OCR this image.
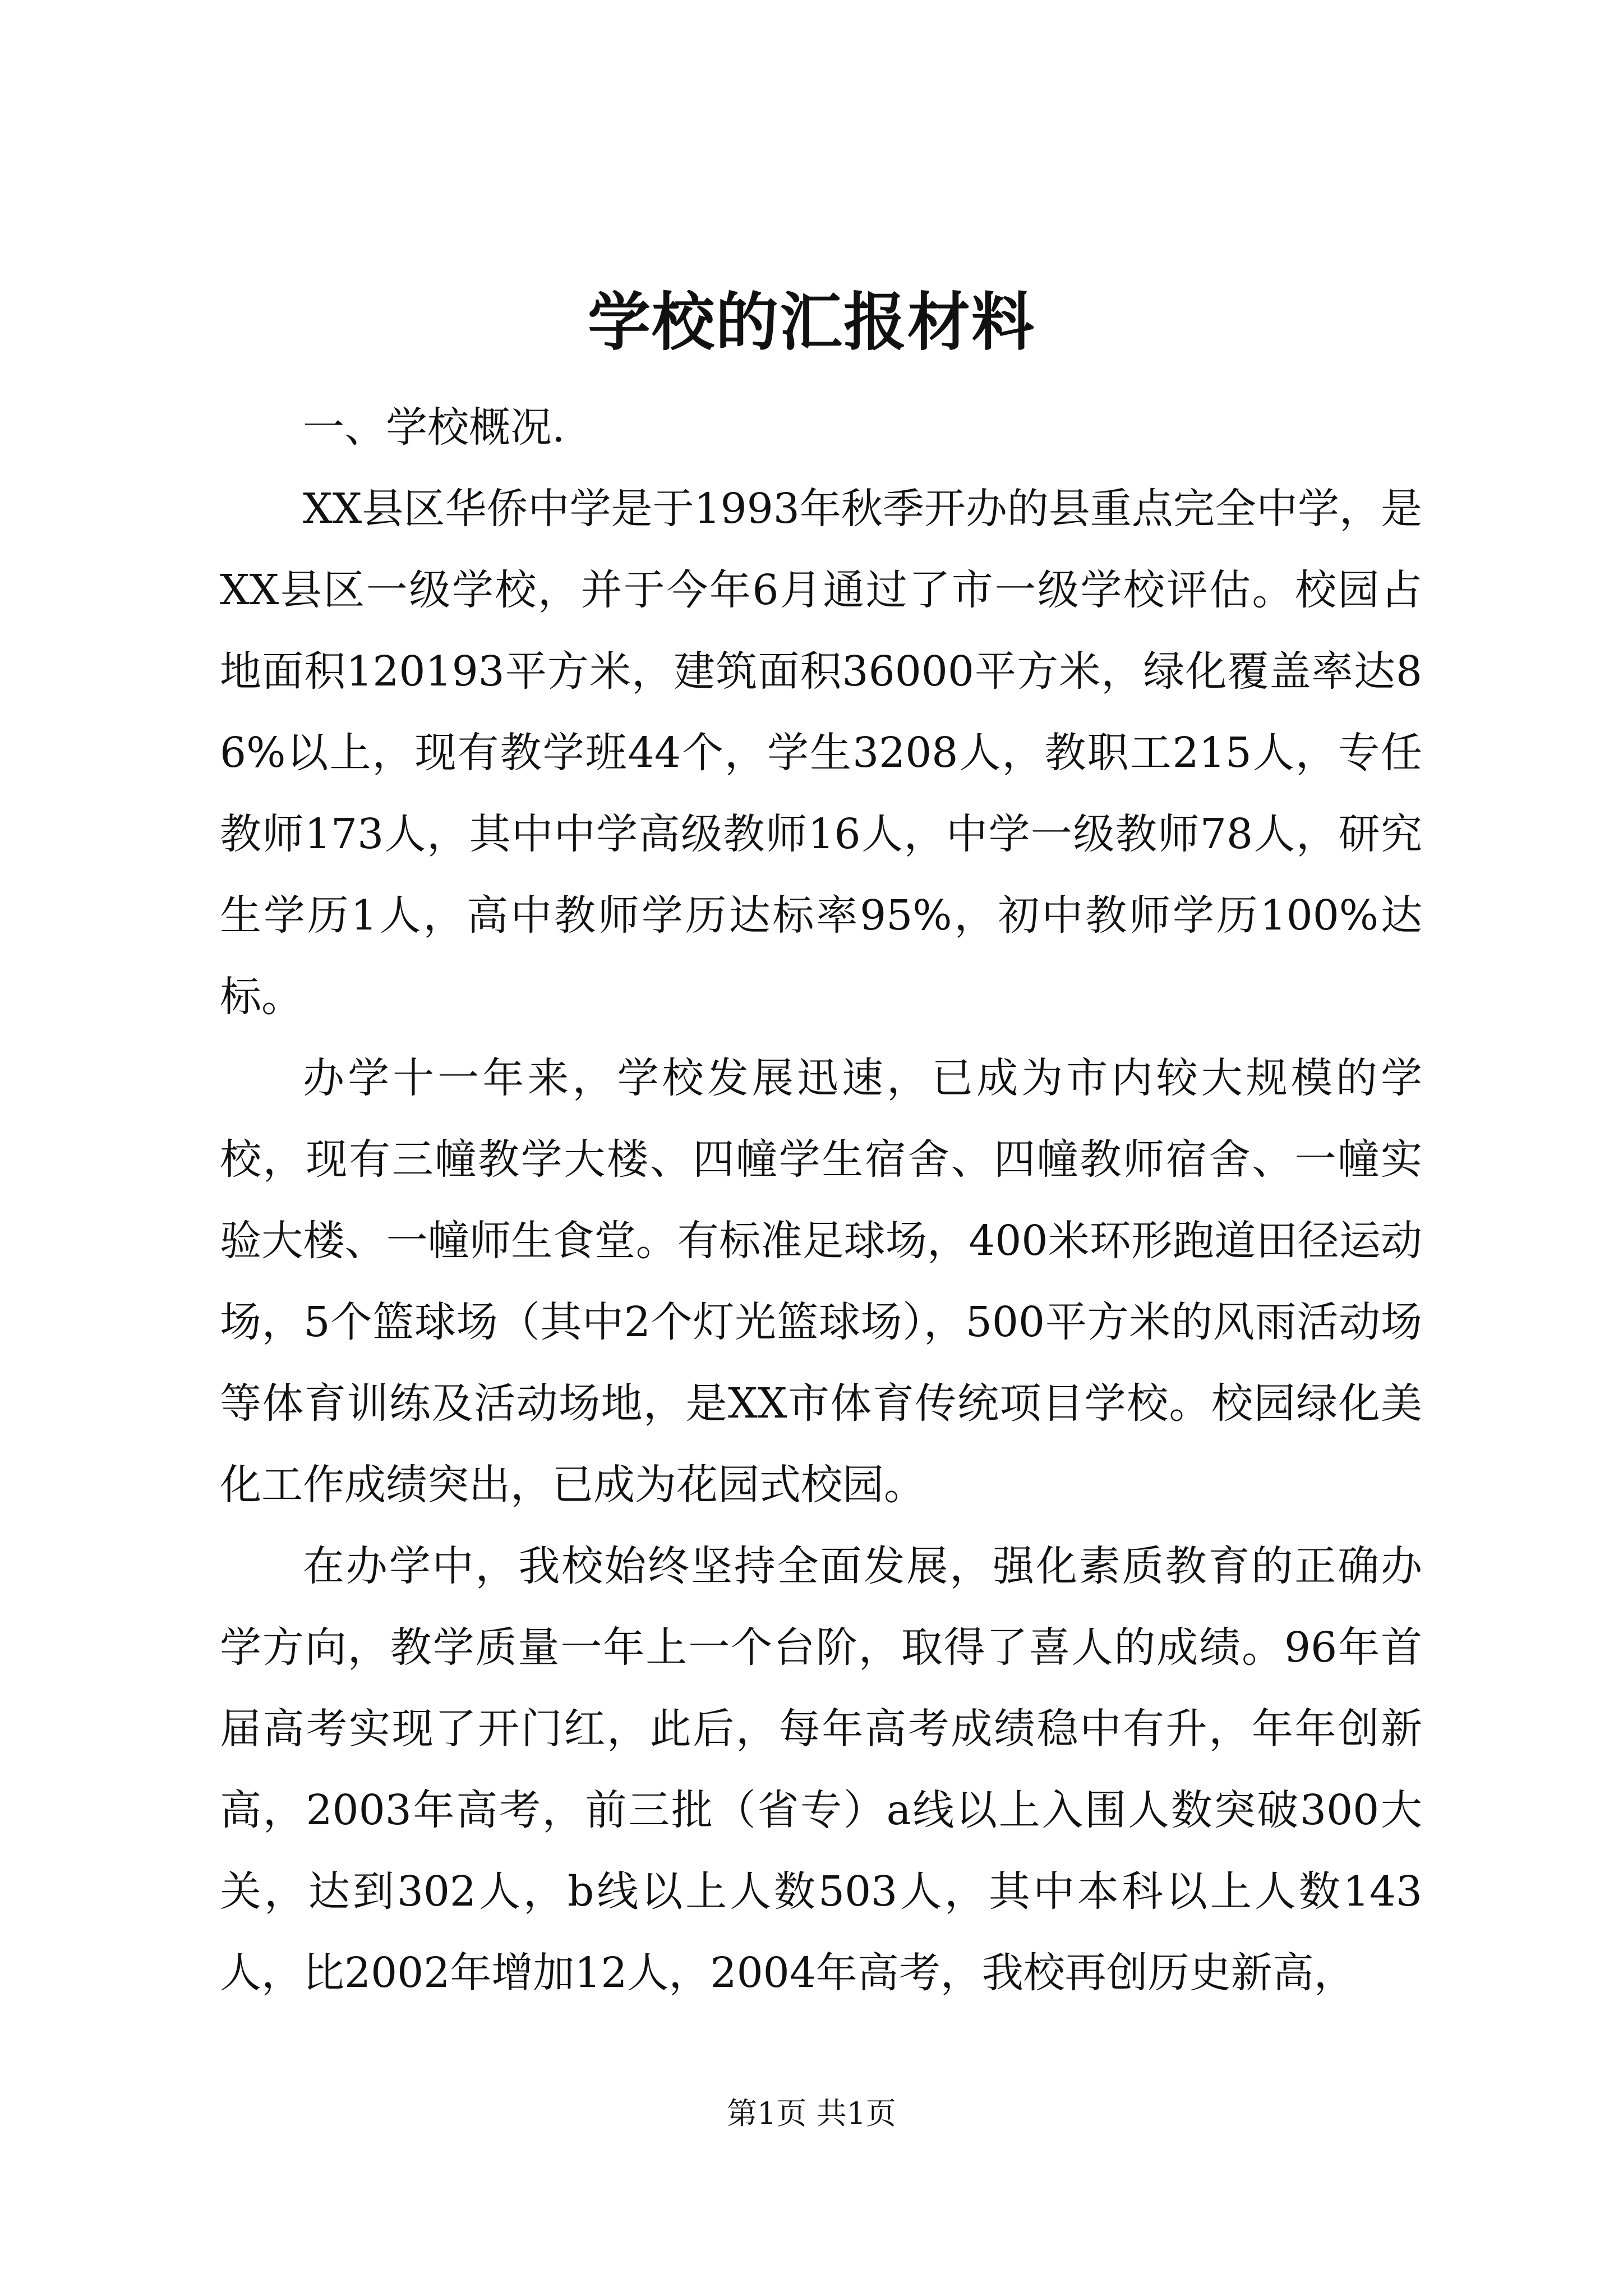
学校的汇报材料

一、学校概况.

XX县区华侨中学是于1993年秋季开办的县重点完全中学，是XX县区一级学校，并于今年6月通过了市一级学校评估。校园占地面积120193平方米，建筑面积36000平方米，绿化覆盖率达86%以上，现有教学班44个，学生3208人，教职工215人，专任教师173人，其中中学高级教师16人，中学一级教师78人，研究生学历1人，高中教师学历达标率95%，初中教师学历100%达标。

办学十一年来，学校发展迅速，已成为市内较大规模的学校，现有三幢教学大楼、四幢学生宿舍、四幢教师宿舍、一幢实验大楼、一幢师生食堂。有标准足球场，400米环形跑道田径运动场，5个篮球场（其中2个灯光篮球场），500平方米的风雨活动场等体育训练及活动场地，是XX市体育传统项目学校。校园绿化美化工作成绩突出，已成为花园式校园。

在办学中，我校始终坚持全面发展，强化素质教育的正确办学方向，教学质量一年上一个台阶，取得了喜人的成绩。96年首届高考实现了开门红，此后，每年高考成绩稳中有升，年年创新高，2003年高考，前三批（省专）a线以上入围人数突破300大关，达到302人，b线以上人数503人，其中本科以上人数143人，比2002年增加12人，2004年高考，我校再创历史新高，

第1页 共1页
